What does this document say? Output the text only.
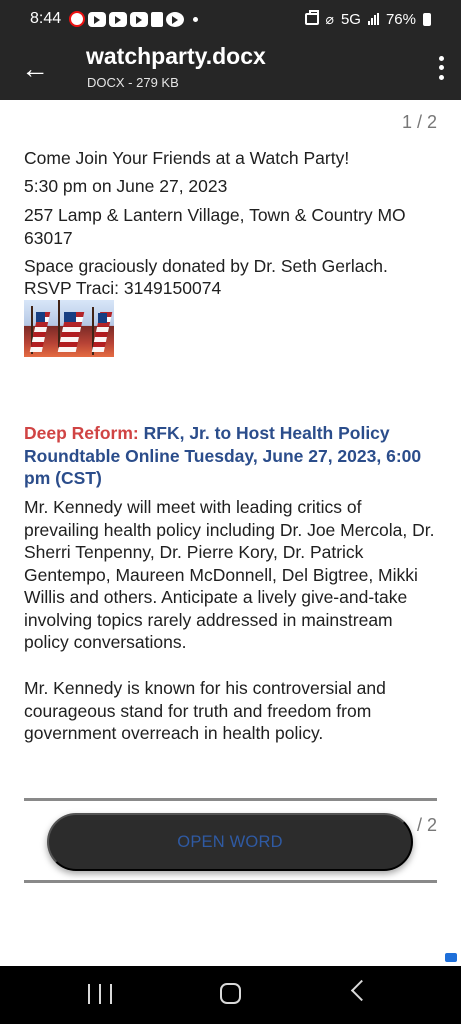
8:44	⌀ 5G 76%
← watchparty.docx
DOCX - 279 KB
1 / 2

Come Join Your Friends at a Watch Party!

5:30 pm on June 27, 2023

257 Lamp & Lantern Village, Town & Country MO 63017

Space graciously donated by Dr. Seth Gerlach.

RSVP Traci: 3149150074

Deep Reform: RFK, Jr. to Host Health Policy Roundtable Online Tuesday, June 27, 2023, 6:00 pm (CST)

Mr. Kennedy will meet with leading critics of prevailing health policy including Dr. Joe Mercola, Dr. Sherri Tenpenny, Dr. Pierre Kory, Dr. Patrick Gentempo, Maureen McDonnell, Del Bigtree, Mikki Willis and others. Anticipate a lively give-and-take involving topics rarely addressed in mainstream policy conversations.

Mr. Kennedy is known for his controversial and courageous stand for truth and freedom from government overreach in health policy.

/ 2
OPEN WORD
